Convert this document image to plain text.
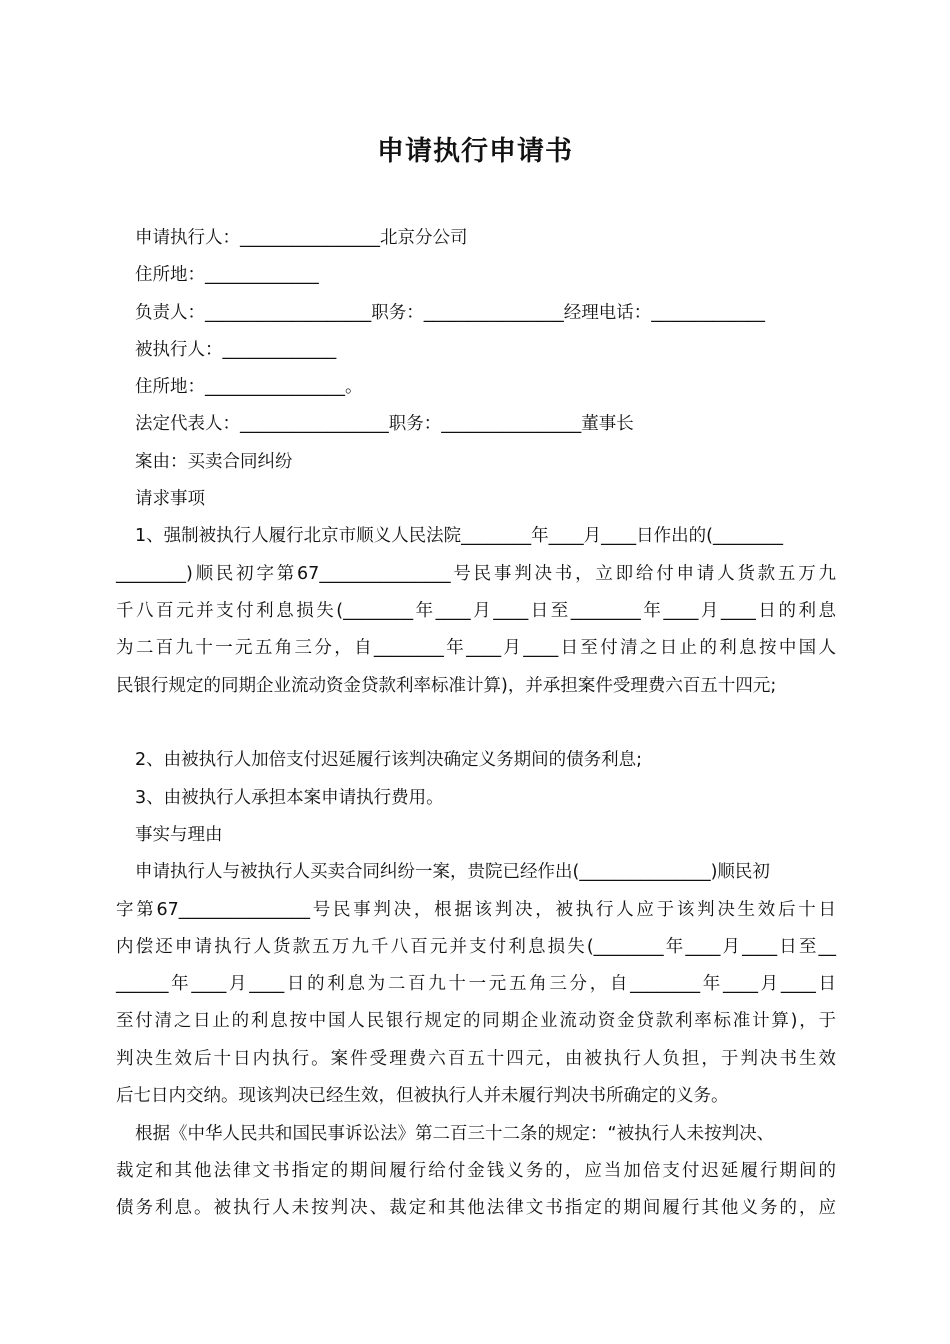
申请执行申请书
申请执行人：________________北京分公司
住所地：_____________
负责人：___________________职务：________________经理电话：_____________
被执行人：_____________
住所地：________________。
法定代表人：_________________职务：________________董事长
案由：买卖合同纠纷
请求事项
1、强制被执行人履行北京市顺义人民法院________年____月____日作出的(________
________)顺民初字第67_______________号民事判决书，立即给付申请人货款五万九
千八百元并支付利息损失(________年____月____日至________年____月____日的利息
为二百九十一元五角三分，自________年____月____日至付清之日止的利息按中国人
民银行规定的同期企业流动资金贷款利率标准计算)，并承担案件受理费六百五十四元;
2、由被执行人加倍支付迟延履行该判决确定义务期间的债务利息;
3、由被执行人承担本案申请执行费用。
事实与理由
申请执行人与被执行人买卖合同纠纷一案，贵院已经作出(_______________)顺民初
字第67_______________号民事判决，根据该判决，被执行人应于该判决生效后十日
内偿还申请执行人货款五万九千八百元并支付利息损失(________年____月____日至__
______年____月____日的利息为二百九十一元五角三分，自________年____月____日
至付清之日止的利息按中国人民银行规定的同期企业流动资金贷款利率标准计算)，于
判决生效后十日内执行。案件受理费六百五十四元，由被执行人负担，于判决书生效
后七日内交纳。现该判决已经生效，但被执行人并未履行判决书所确定的义务。
根据《中华人民共和国民事诉讼法》第二百三十二条的规定：“被执行人未按判决、
裁定和其他法律文书指定的期间履行给付金钱义务的，应当加倍支付迟延履行期间的
债务利息。被执行人未按判决、裁定和其他法律文书指定的期间履行其他义务的，应
